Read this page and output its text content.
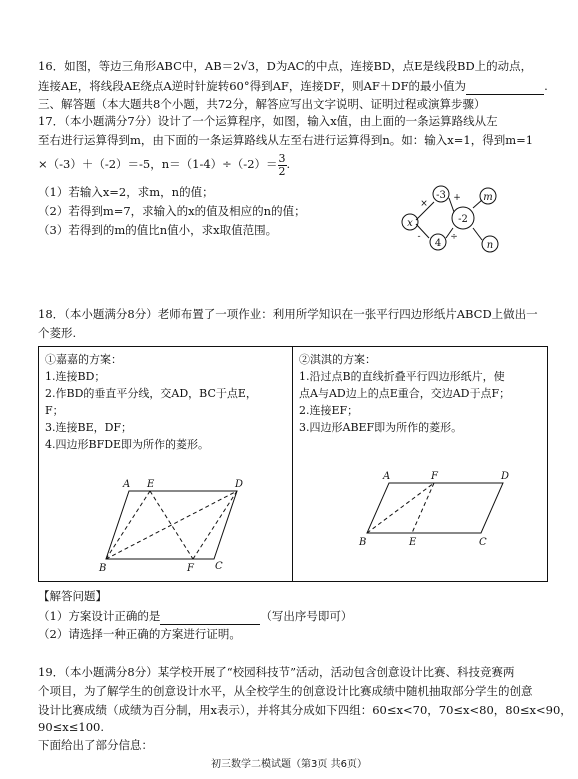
16．如图，等边三角形ABC中，AB＝2√3，D为AC的中点，连接BD，点E是线段BD上的动点，
连接AE，将线段AE绕点A逆时针旋转60°得到AF，连接DF，则AF＋DF的最小值为	.
三、解答题（本大题共8个小题，共72分，解答应写出文字说明、证明过程或演算步骤）
17．（本小题满分7分）设计了一个运算程序，如图，输入x值，由上面的一条运算路线从左
至右进行运算得到m，由下面的一条运算路线从左至右进行运算得到n。如：输入x=1，得到m=1
×（-3）＋（-2）＝-5，$n=(1-4)\div(-2)= \frac{3}{2}$ .
（1）若输入x=2，求m，n的值；
（2）若得到m=7，求输入的x的值及相应的n的值；
（3）若得到的m的值比n值小，求x取值范围。	x
-3
-2
4
m
n
×
+
-	÷
18．（本小题满分8分）老师布置了一项作业：利用所学知识在一张平行四边形纸片ABCD上做出一
个菱形.
①嘉嘉的方案：
1.连接BD；
2.作BD的垂直平分线，交AD，BC于点E，
F；
3.连接BE，DF；
4.四边形BFDE即为所作的菱形。
②淇淇的方案：
1.沿过点B的直线折叠平行四边形纸片，使
点A与AD边上的点E重合，交边AD于点F；
2.连接EF；
3.四边形ABEF即为所作的菱形。
A E	D
B	F C
A	F	D
B	E	C
【解答问题】
（1）方案设计正确的是	（写出序号即可）
（2）请选择一种正确的方案进行证明。
19．（本小题满分8分）某学校开展了“校园科技节”活动，活动包含创意设计比赛、科技竞赛两
个项目，为了解学生的创意设计水平，从全校学生的创意设计比赛成绩中随机抽取部分学生的创意
设计比赛成绩（成绩为百分制，用x表示），并将其分成如下四组：60≤x<70，70≤x<80，80≤x<90，
90≤x≤100.
下面给出了部分信息：
初三数学二模试题（第3页 共6页）
